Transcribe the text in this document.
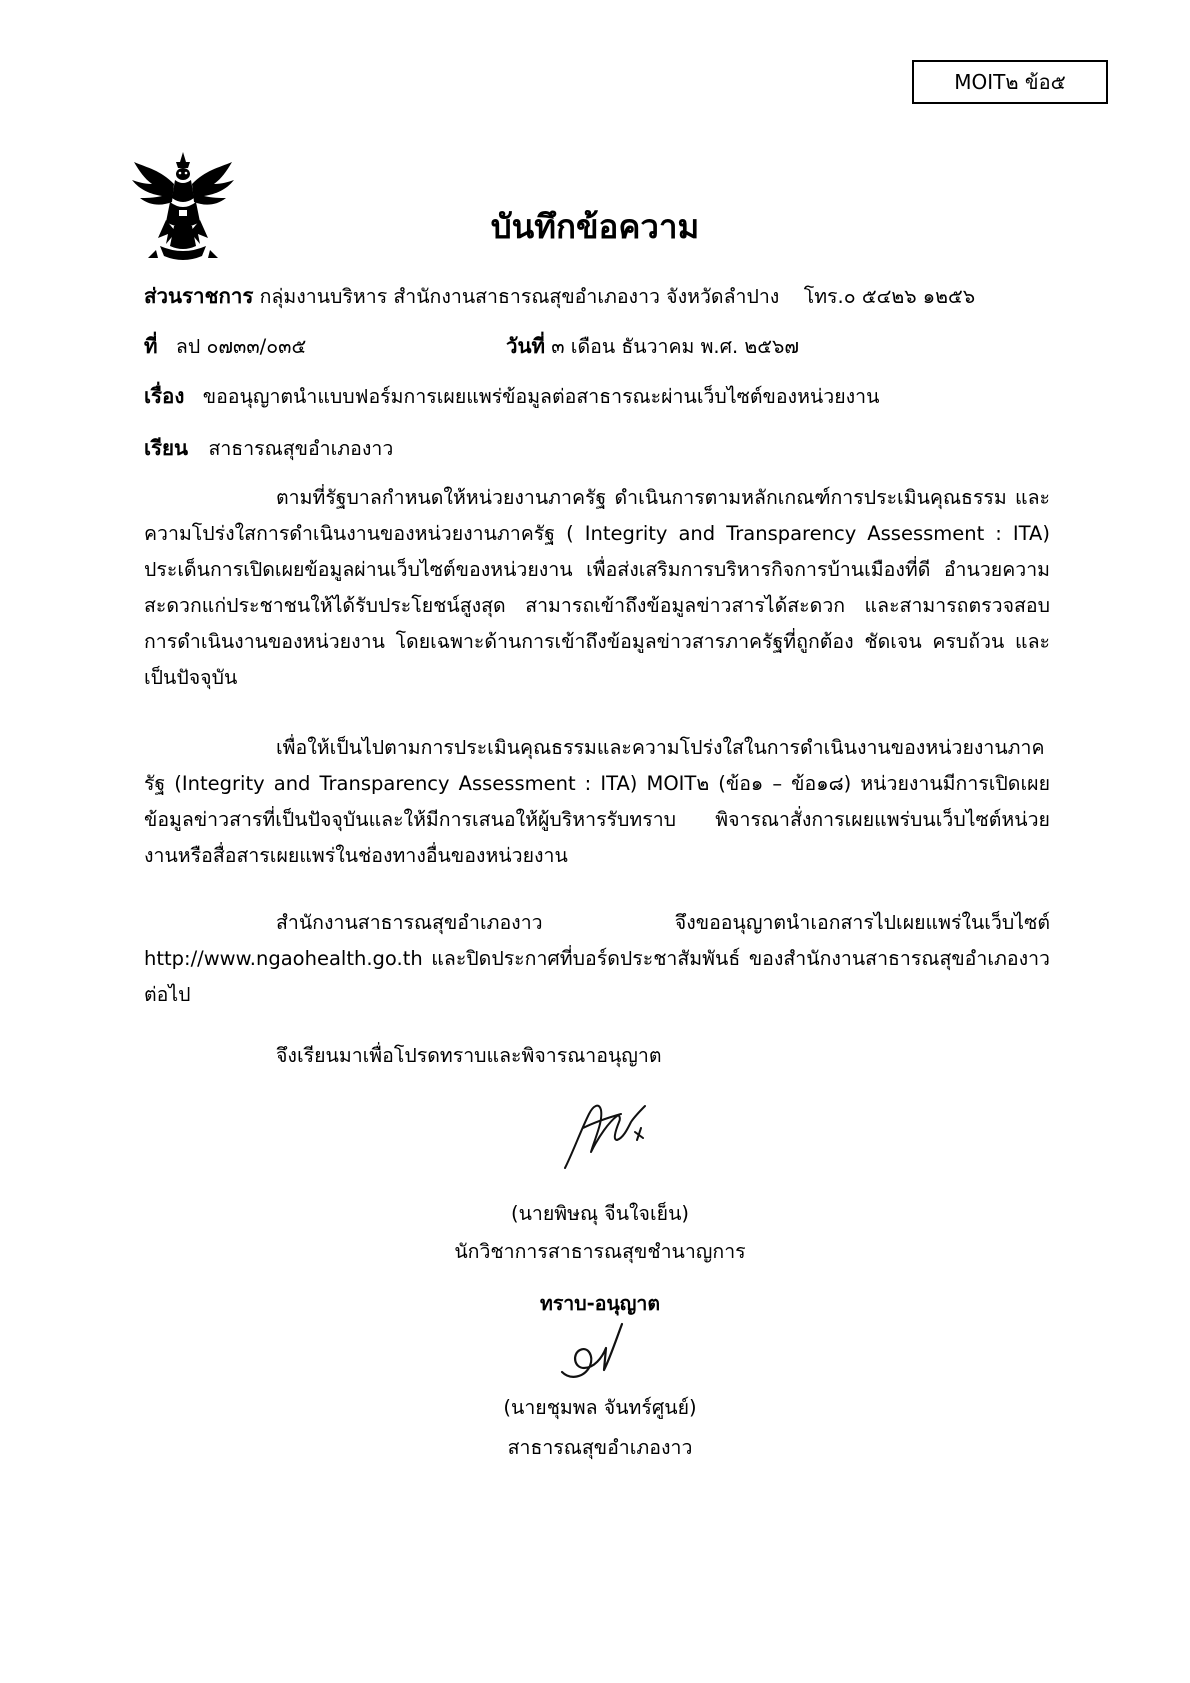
MOIT๒ ข้อ๕
บันทึกข้อความ
ส่วนราชการ กลุ่มงานบริหาร สำนักงานสาธารณสุขอำเภองาว จังหวัดลำปาง โทร.๐ ๕๔๒๖ ๑๒๕๖
ที่ ลป ๐๗๓๓/๐๓๕	วันที่ ๓ เดือน ธันวาคม พ.ศ. ๒๕๖๗
เรื่อง ขออนุญาตนำแบบฟอร์มการเผยแพร่ข้อมูลต่อสาธารณะผ่านเว็บไซต์ของหน่วยงาน
เรียน สาธารณสุขอำเภองาว
ตามที่รัฐบาลกำหนดให้หน่วยงานภาครัฐ ดำเนินการตามหลักเกณฑ์การประเมินคุณธรรม และความโปร่งใสการดำเนินงานของหน่วยงานภาครัฐ ( Integrity and Transparency Assessment : ITA) ประเด็นการเปิดเผยข้อมูลผ่านเว็บไซต์ของหน่วยงาน เพื่อส่งเสริมการบริหารกิจการบ้านเมืองที่ดี อำนวยความสะดวกแก่ประชาชนให้ได้รับประโยชน์สูงสุด สามารถเข้าถึงข้อมูลข่าวสารได้สะดวก และสามารถตรวจสอบการดำเนินงานของหน่วยงาน โดยเฉพาะด้านการเข้าถึงข้อมูลข่าวสารภาครัฐที่ถูกต้อง ชัดเจน ครบถ้วน และเป็นปัจจุบัน
เพื่อให้เป็นไปตามการประเมินคุณธรรมและความโปร่งใสในการดำเนินงานของหน่วยงานภาครัฐ (Integrity and Transparency Assessment : ITA) MOIT๒ (ข้อ๑ – ข้อ๑๘) หน่วยงานมีการเปิดเผยข้อมูลข่าวสารที่เป็นปัจจุบันและให้มีการเสนอให้ผู้บริหารรับทราบ พิจารณาสั่งการเผยแพร่บนเว็บไซต์หน่วยงานหรือสื่อสารเผยแพร่ในช่องทางอื่นของหน่วยงาน
สำนักงานสาธารณสุขอำเภองาว จึงขออนุญาตนำเอกสารไปเผยแพร่ในเว็บไซต์ http://www.ngaohealth.go.th และปิดประกาศที่บอร์ดประชาสัมพันธ์ ของสำนักงานสาธารณสุขอำเภองาว ต่อไป
จึงเรียนมาเพื่อโปรดทราบและพิจารณาอนุญาต
(นายพิษณุ จีนใจเย็น)
นักวิชาการสาธารณสุขชำนาญการ
ทราบ-อนุญาต
(นายชุมพล จันทร์ศูนย์)
สาธารณสุขอำเภองาว
